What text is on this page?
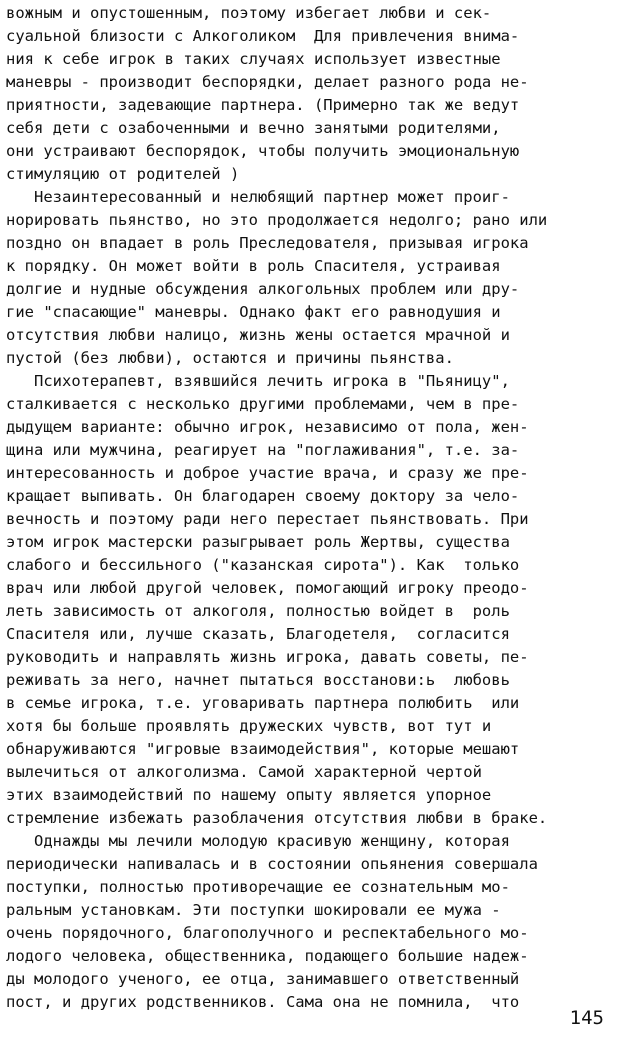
вожным и опустошенным, поэтому избегает любви и сек-
суальной близости с Алкоголиком  Для привлечения внима-
ния к себе игрок в таких случаях использует известные
маневры - производит беспорядки, делает разного рода не-
приятности, задевающие партнера. (Примерно так же ведут
себя дети с озабоченными и вечно занятыми родителями,
они устраивают беспорядок, чтобы получить эмоциональную
стимуляцию от родителей )
Незаинтересованный и нелюбящий партнер может проиг-
норировать пьянство, но это продолжается недолго; рано или
поздно он впадает в роль Преследователя, призывая игрока
к порядку. Он может войти в роль Спасителя, устраивая
долгие и нудные обсуждения алкогольных проблем или дру-
гие "спасающие" маневры. Однако факт его равнодушия и
отсутствия любви налицо, жизнь жены остается мрачной и
пустой (без любви), остаются и причины пьянства.
Психотерапевт, взявшийся лечить игрока в "Пьяницу",
сталкивается с несколько другими проблемами, чем в пре-
дыдущем варианте: обычно игрок, независимо от пола, жен-
щина или мужчина, реагирует на "поглаживания", т.е. за-
интересованность и доброе участие врача, и сразу же пре-
кращает выпивать. Он благодарен своему доктору за чело-
вечность и поэтому ради него перестает пьянствовать. При
этом игрок мастерски разыгрывает роль Жертвы, существа
слабого и бессильного ("казанская сирота"). Как  только
врач или любой другой человек, помогающий игроку преодо-
леть зависимость от алкоголя, полностью войдет в  роль
Спасителя или, лучше сказать, Благодетеля,  согласится
руководить и направлять жизнь игрока, давать советы, пе-
реживать за него, начнет пытаться восстанови:ь  любовь
в семье игрока, т.е. уговаривать партнера полюбить  или
хотя бы больше проявлять дружеских чувств, вот тут и
обнаруживаются "игровые взаимодействия", которые мешают
вылечиться от алкоголизма. Самой характерной чертой
этих взаимодействий по нашему опыту является упорное
стремление избежать разоблачения отсутствия любви в браке.
Однажды мы лечили молодую красивую женщину, которая
периодически напивалась и в состоянии опьянения совершала
поступки, полностью противоречащие ее сознательным мо-
ральным установкам. Эти поступки шокировали ее мужа -
очень порядочного, благополучного и респектабельного мо-
лодого человека, общественника, подающего большие надеж-
ды молодого ученого, ее отца, занимавшего ответственный
пост, и других родственников. Сама она не помнила,  что
145
